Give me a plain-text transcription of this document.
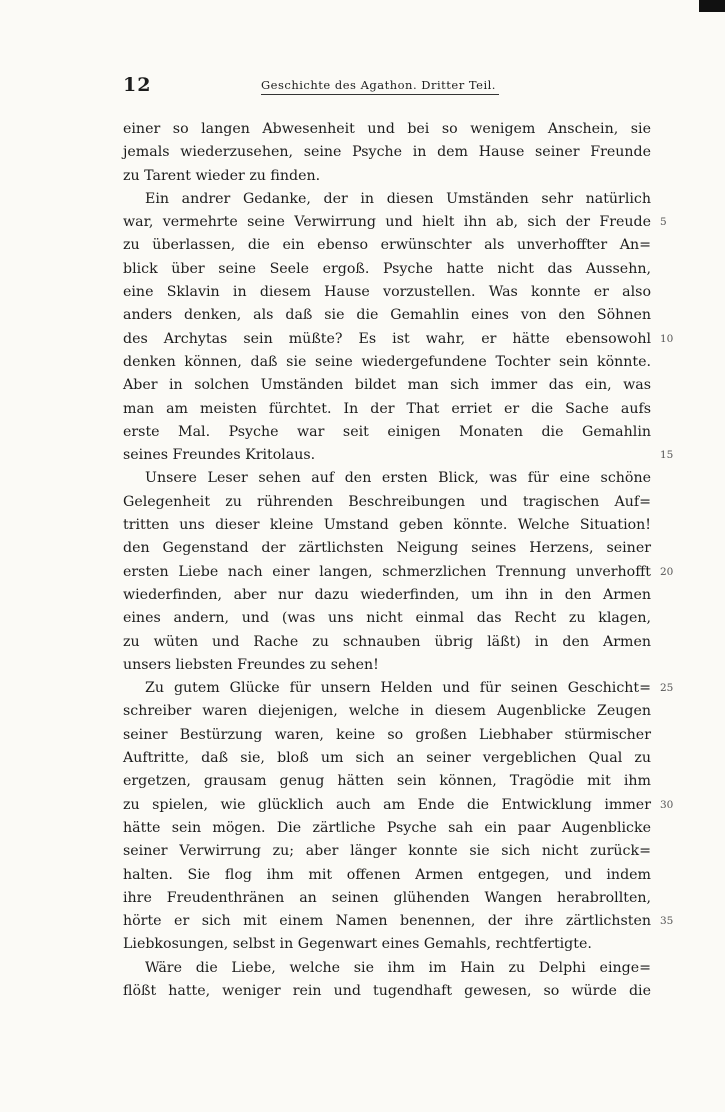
12	Geschichte des Agathon. Dritter Teil.
einer so langen Abwesenheit und bei so wenigem Anschein, sie
jemals wiederzusehen, seine Psyche in dem Hause seiner Freunde
zu Tarent wieder zu finden.
Ein andrer Gedanke, der in diesen Umständen sehr natürlich
war, vermehrte seine Verwirrung und hielt ihn ab, sich der Freude 5
zu überlassen, die ein ebenso erwünschter als unverhoffter An=
blick über seine Seele ergoß. Psyche hatte nicht das Aussehn,
eine Sklavin in diesem Hause vorzustellen. Was konnte er also
anders denken, als daß sie die Gemahlin eines von den Söhnen
des Archytas sein müßte? Es ist wahr, er hätte ebensowohl 10
denken können, daß sie seine wiedergefundene Tochter sein könnte.
Aber in solchen Umständen bildet man sich immer das ein, was
man am meisten fürchtet. In der That erriet er die Sache aufs
erste Mal. Psyche war seit einigen Monaten die Gemahlin
seines Freundes Kritolaus.	15
Unsere Leser sehen auf den ersten Blick, was für eine schöne
Gelegenheit zu rührenden Beschreibungen und tragischen Auf=
tritten uns dieser kleine Umstand geben könnte. Welche Situation!
den Gegenstand der zärtlichsten Neigung seines Herzens, seiner
ersten Liebe nach einer langen, schmerzlichen Trennung unverhofft 20
wiederfinden, aber nur dazu wiederfinden, um ihn in den Armen
eines andern, und (was uns nicht einmal das Recht zu klagen,
zu wüten und Rache zu schnauben übrig läßt) in den Armen
unsers liebsten Freundes zu sehen!
Zu gutem Glücke für unsern Helden und für seinen Geschicht= 25
schreiber waren diejenigen, welche in diesem Augenblicke Zeugen
seiner Bestürzung waren, keine so großen Liebhaber stürmischer
Auftritte, daß sie, bloß um sich an seiner vergeblichen Qual zu
ergetzen, grausam genug hätten sein können, Tragödie mit ihm
zu spielen, wie glücklich auch am Ende die Entwicklung immer 30
hätte sein mögen. Die zärtliche Psyche sah ein paar Augenblicke
seiner Verwirrung zu; aber länger konnte sie sich nicht zurück=
halten. Sie flog ihm mit offenen Armen entgegen, und indem
ihre Freudenthränen an seinen glühenden Wangen herabrollten,
hörte er sich mit einem Namen benennen, der ihre zärtlichsten 35
Liebkosungen, selbst in Gegenwart eines Gemahls, rechtfertigte.
Wäre die Liebe, welche sie ihm im Hain zu Delphi einge=
flößt hatte, weniger rein und tugendhaft gewesen, so würde die
